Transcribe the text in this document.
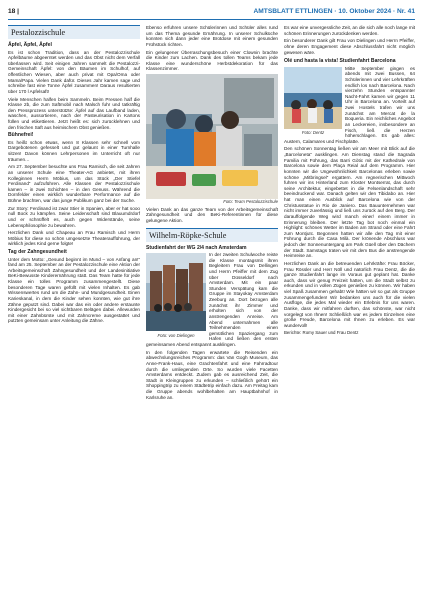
18 |	AMTSBLATT ETTLINGEN · 10. Oktober 2024 · Nr. 41
Pestalozzischule
Äpfel, Äpfel, Äpfel

Es ist schon Tradition, dass an der Pestalozzischule Apfelbäume abgeerntet werden und das Obst nicht dem Verfall überlassen wird. Seit einigen Jahren sammelt die Pestalozzi-Gemeinschaft Äpfel: von den Bäumen im Schulhof, auf öffentlichen Wiesen, aber auch privat mit Opa/Oma oder Mama/Papa. Vielen Dank dafür. Dieses Jahr kamen sage und schreibe fast eine Tonne Äpfel zusammen! Daraus resultierten über 170 l Apfelsaft!

Viele Menschen halfen beim Sammeln. Beim Pressen half die Klasse 2b, die zum Saftmobil nach Malsch fuhr und tatkräftig den Pressprozess unterstützte: Äpfel auf das Laufband laden, waschen, aussortieren, nach der Pasteurisation in Kartons füllen und etikettieren. Jetzt heißt es: sich zurücklehnen und den frischen Saft aus heimischem Obst genießen.

Bühnefrei!

Es heißt schon etwas, wenn 8 Klassen sehr schnell vom Dargebotenen gefesselt und gut gelaunt in einer Turnhalle sitzen! Davon können Lehrpersonen im Unterricht oft nur träumen…

Am 27. September besuchte uns Frau Ramisch, die seit Jahren an unserer Schule eine Theater-AG anbietet, mit ihren Kolleginnen Herrn Möbius, um das Stück „Der Stiefel Ferdinand“ aufzuführen. Alle Klassen der Pestalozzischule kamen – in zwei Schichten – in den Genuss. Während die Dornfelder einen wirklich wunderbare Performance auf die Bühne brachten, war das junge Publikum ganz bei der Suche.

Zur Story: Ferdinand ist zwar Stier in Spanien, aber er hat sooo null Bock zu kämpfen. Seine Leidenschaft sind Blauumdrdorf und er schnüffelt es, auch gegen Widerstände, seine Lebensphilosophie zu bewahren.

Herzlichen Dank und Chapeau an Frau Ramisch und Herrn Möbius für diese so schön umgesetzte Theateraufführung, der wirklich jedes Kind gerne folgte!

Tag der Zahngesundheit

Unter dem Motto: „Gesund beginnt im Mund – von Anfang an!“ fand am 25. September an der Pestalozzischule eine Aktion der Arbeitsgemeinschaft Zahngesundheit und der Landesinitiative BeKi-Bewusste Kinderernährung statt. Das Team hatte für jede Klasse ein tolles Programm zusammengestellt. Diese besonderen Tage waren gefüllt mit vielen Inhalten. Es gab Wissenswertes rund um die Zahn- und Mundgesundheit. Einen Karieskanal, in dem die Kinder sehen konnten, wie gut ihre Zähne geputzt sind. Dabei war das ein oder andere erstaunte Kindergesicht bei so viel sichtbaren Belägen dabei. Allewurden mit einer Zahnbürste und mit Zahncreme ausgestattet und putzten gemeinsam unter Anleitung die Zähne.

Ebenso erfuhren unsere Schülerinnen und Schüler alles rund um das Thema gesunde Ernährung. In unserer Schulküche konnten sich dann jeder eine Brotdose mit einem gesunden Frühstück richten.

Ein gelungener Überraschungsbesuch einer Clownin brachte die Kinder zum Lachen. Dank des tollen Teams bekam jede Klasse eine wunderschöne Herbstdekoration für das Klassenzimmer.

Foto: Team Pestalozzischule

Vielen Dank an das ganze Team von der Arbeitsgemeinschaft Zahngesundheit und den BeKi-Referentinnen für diese gelungene Aktion.

Wilhelm-Röpke-Schule
Studienfahrt der WG 2/4 nach Amsterdam
Foto: von Dielingen

In der zweiten Schulwoche reiste die Klasse montagsmit ihren Begleitern Frau von Dellingen und Herrn Pfeiffer mit dem Zug über Düsseldorf nach Amsterdam. Mit ein paar Stunden Verspätung kam die Gruppe im Stayokay Amsterdam Zeeburg an. Dort bezogen alle zunächst ihr Zimmer und erholten sich von der anstrengenden Anreise. Am Abend unternahmen alle Teilnehmenden einen gemütlichen Spaziergang zum Hafen und ließen den ersten gemeinsamen Abend entspannt ausklingen.

In den folgenden Tagen erwartete die Reisenden ein abwechslungsreiches Programm: das Van Gogh Museum, das Anne-Frank-Haus, eine Grachtenfahrt und eine Fahrradtour durch die umliegenden Orte. So wurden viele Facetten Amsterdams entdeckt. Zudem gab es ausreichend Zeit, die Stadt in Kleingruppen zu erkunden – schließlich gehört ein Shoppingtrip zu einem Städtetrip einfach dazu. Am Freitag kam die Gruppe abends wohlbehalten am Hauptbahnhof in Karlsruhe an.

Es war eine unvergessliche Zeit, an die sich alle noch lange mit schönen Erinnerungen zurückdenken werden.

Ein besonderer Dank gilt Frau von Dielingen und Herrn Pfeiffer, ohne deren Engagement diese Abschlussfahrt nicht möglich gewesen wäre.

Olé und hasta la vista! Studienfahrt Barcelona
Foto: Dentz

Mitte September gingen es abends mit zwei Bussen, 64 Schülerinnen und vier Lehrkräften endlich los nach Barcelona. Nach vierzehn Stunden entspannter Nacht-Fahrt kamen wir gegen 11 Uhr in Barcelona an. Vorteilt auf zwei Hostels trafen wir uns zunächst am Mercat de la Boqueria. Ein reichliches Angebot an Leckereien, insbesondere an Fisch, ließ die Herzen höherschlagen. Es gab alles: Austern, Calamares und Fischplatte.

Den schönen Sonnentag ließen wir am Meer mit Blick auf die „Barceloneta“ ausklingen. Am Dienstag stand die Sagrada Familia mit Führung, das Barri Gòtic mit der Kathedrale von Barcelona sowie dem Plaça Reial auf dem Programm. Hier konnten wir die Ungewöhnlichkeit Barcelonas erleben sowie schöne „Mitbringsel“ ergattern. Am regnerischen Mittwoch fuhren wir ins Hinterland zum Kloster Montserrat, das durch seine Architektur, eingebettet in die Felsenlandschaft sehr beeindruckend war. Danach gelten wir den Tibidabo an. Hier hat man einen Ausblick auf Barcelona wie von der Christusstatue in Rio de Janiero. Das Bauunternehmen war nicht immer zuverlässig und ließ uns zurück auf den Berg. Der darauffolgende Weg wird manch einer/ einem immer in Erinnerung bleiben. Der letzte Tag bot noch einmal ein Highlight: schönes Wetter im Baden am Strand oder eine Fahrt zum Montjuïc. Begonnen hatten wir alle den Tag mit einer Führung durch die Casa Milà. Der krönende Abschluss war jedoch der Sonnenuntergang am Park Güell über den Dächern der Stadt. Samstags traten wir mit dem Bus die anstrengende Heimreise an.

Herzlichen Dank an die betreuenden Lehrkräfte: Frau Böcker, Frau Rössler und Herr Nöll und natürlich Frau Dentz, die die ganze Studienfahrt lange im Voraus gut geplant hat. Danke auch, dass wir genug Freizeit hatten, um die Stadt selbst zu erkunden und in vollen Zügen genießen zu können. Wir haben viel Spaß zusammen gehabt! Wie hätten wir so gut als Gruppe zusammengefunden! Wir bedanken uns auch für die vielen Ausflüge, die jedes Mal wieder ein Erlebnis für uns waren. Danke, dass wir mitfahren durften, das schönste, war nicht vorgelegt von Ihnen! Schließlich war es jedem Einzelnen eine große Freude, Barcelona mit Ihnen zu erleben. Es war wundervoll!

Berichte: Romy Sauer und Frau Dentz
